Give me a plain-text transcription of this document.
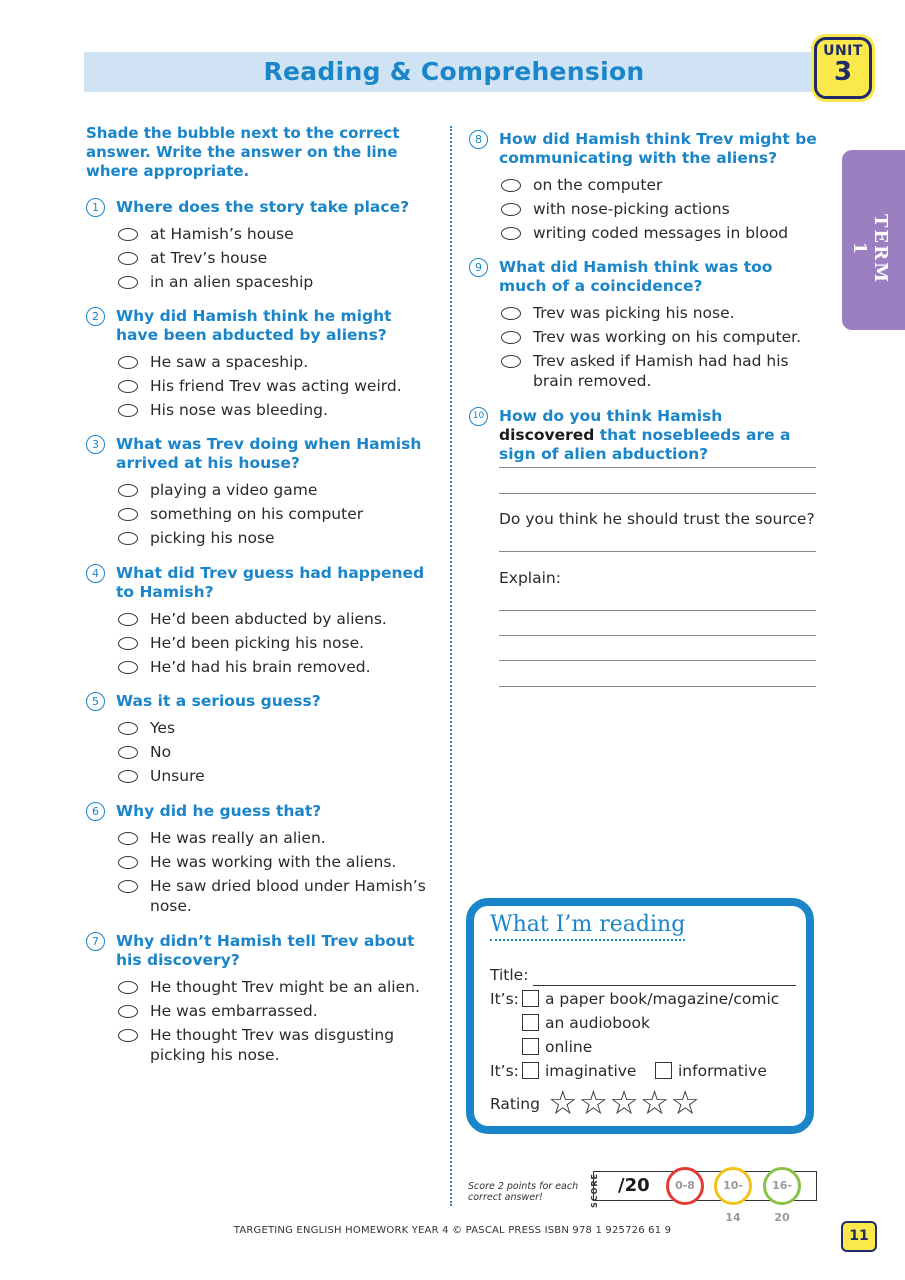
Reading & Comprehension
UNIT
3
TERM 1
Shade the bubble next to the correct answer. Write the answer on the line where appropriate.
1	Where does the story take place?
at Hamish’s house
at Trev’s house
in an alien spaceship
2	Why did Hamish think he might have been abducted by aliens?
He saw a spaceship.
His friend Trev was acting weird.
His nose was bleeding.
3	What was Trev doing when Hamish arrived at his house?
playing a video game
something on his computer
picking his nose
4	What did Trev guess had happened to Hamish?
He’d been abducted by aliens.
He’d been picking his nose.
He’d had his brain removed.
5	Was it a serious guess?
Yes
No
Unsure
6	Why did he guess that?
He was really an alien.
He was working with the aliens.
He saw dried blood under Hamish’s nose.
7	Why didn’t Hamish tell Trev about his discovery?
He thought Trev might be an alien.
He was embarrassed.
He thought Trev was disgusting picking his nose.
8	How did Hamish think Trev might be communicating with the aliens?
on the computer
with nose-picking actions
writing coded messages in blood
9	What did Hamish think was too much of a coincidence?
Trev was picking his nose.
Trev was working on his computer.
Trev asked if Hamish had had his brain removed.
10 How do you think Hamish discovered that nosebleeds are a sign of alien abduction?
Do you think he should trust the source?
Explain:
What I’m reading
Title:
It’s:	a paper book/magazine/comic
an audiobook
online
It’s:	imaginative	informative
Rating ☆☆☆☆☆
Score 2 points for each correct answer!	SCORE /20	0-8	10-14
16-20
TARGETING ENGLISH HOMEWORK YEAR 4 © PASCAL PRESS ISBN 978 1 925726 61 9	11
